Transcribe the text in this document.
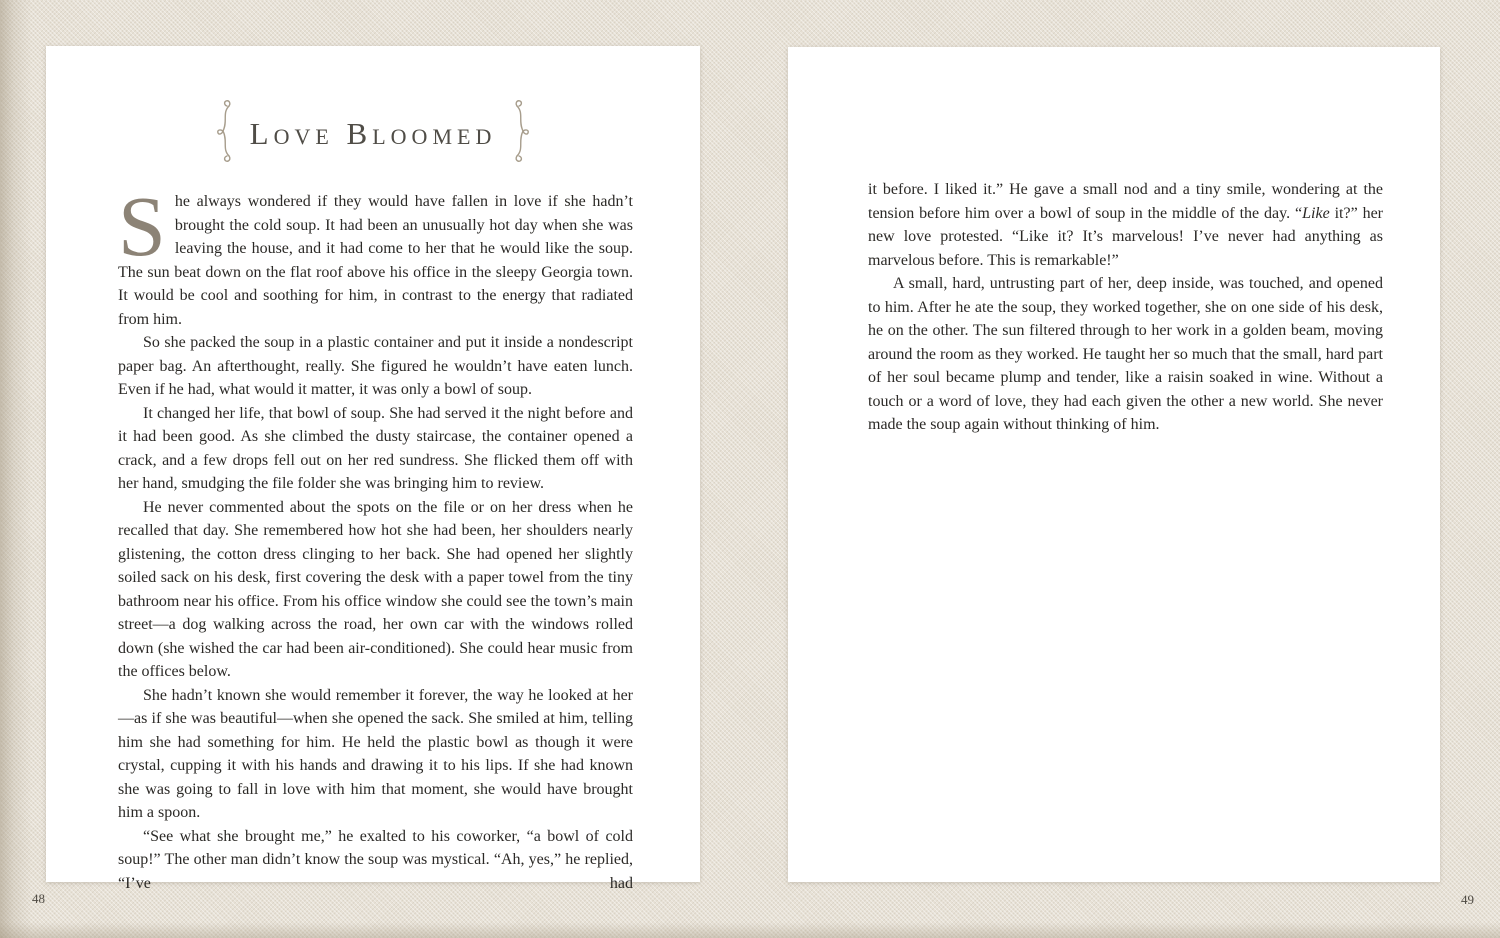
Love Bloomed

She always wondered if they would have fallen in love if she hadn’t brought the cold soup. It had been an unusually hot day when she was leaving the house, and it had come to her that he would like the soup. The sun beat down on the flat roof above his office in the sleepy Georgia town. It would be cool and soothing for him, in contrast to the energy that radiated from him.

So she packed the soup in a plastic container and put it inside a nondescript paper bag. An afterthought, really. She figured he wouldn’t have eaten lunch. Even if he had, what would it matter, it was only a bowl of soup.

It changed her life, that bowl of soup. She had served it the night before and it had been good. As she climbed the dusty staircase, the container opened a crack, and a few drops fell out on her red sundress. She flicked them off with her hand, smudging the file folder she was bringing him to review.

He never commented about the spots on the file or on her dress when he recalled that day. She remembered how hot she had been, her shoulders nearly glistening, the cotton dress clinging to her back. She had opened her slightly soiled sack on his desk, first covering the desk with a paper towel from the tiny bathroom near his office. From his office window she could see the town’s main street—a dog walking across the road, her own car with the windows rolled down (she wished the car had been air-conditioned). She could hear music from the offices below.

She hadn’t known she would remember it forever, the way he looked at her—as if she was beautiful—when she opened the sack. She smiled at him, telling him she had something for him. He held the plastic bowl as though it were crystal, cupping it with his hands and drawing it to his lips. If she had known she was going to fall in love with him that moment, she would have brought him a spoon.

“See what she brought me,” he exalted to his coworker, “a bowl of cold soup!” The other man didn’t know the soup was mystical. “Ah, yes,” he replied, “I’ve had

it before. I liked it.” He gave a small nod and a tiny smile, wondering at the tension before him over a bowl of soup in the middle of the day. “Like it?” her new love protested. “Like it? It’s marvelous! I’ve never had anything as marvelous before. This is remarkable!”

A small, hard, untrusting part of her, deep inside, was touched, and opened to him. After he ate the soup, they worked together, she on one side of his desk, he on the other. The sun filtered through to her work in a golden beam, moving around the room as they worked. He taught her so much that the small, hard part of her soul became plump and tender, like a raisin soaked in wine. Without a touch or a word of love, they had each given the other a new world. She never made the soup again without thinking of him.

48	49
